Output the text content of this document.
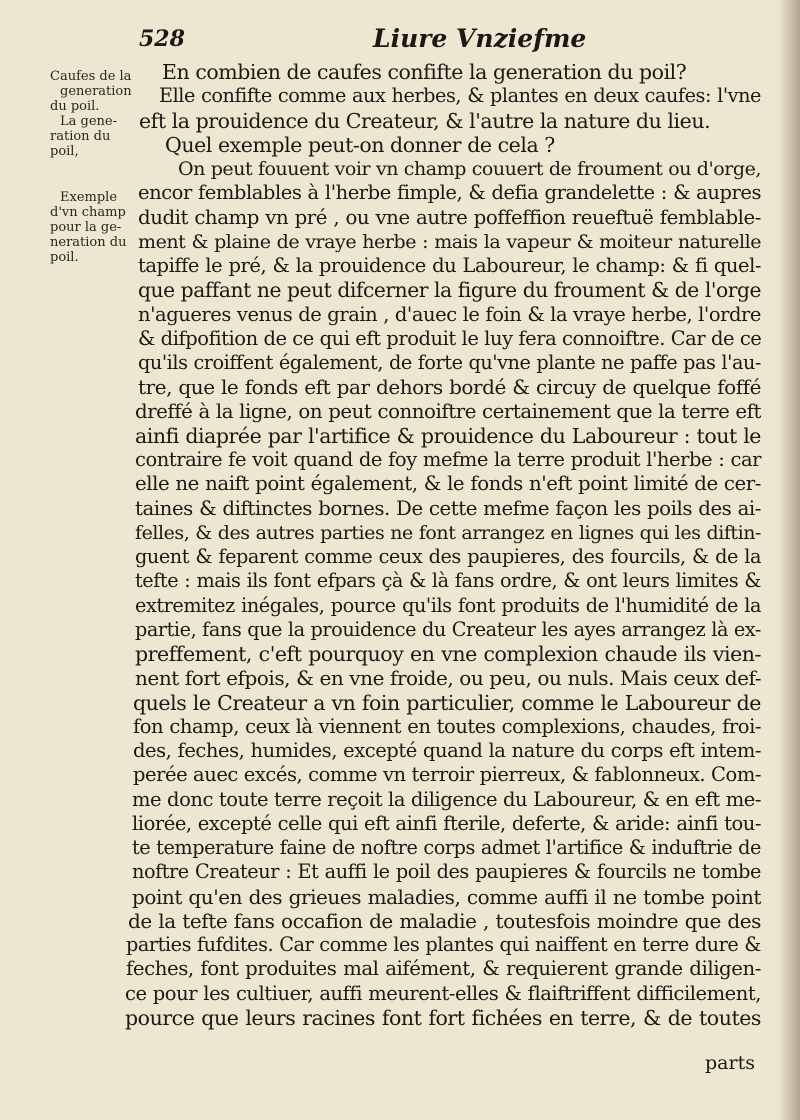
528	Liure Vnziefme
Caufes de la
generation
du poil.
La gene-
ration du
poil,
Exemple
d'vn champ
pour la ge-
neration du
poil.
En combien de caufes confifte la generation du poil?
Elle confifte comme aux herbes, & plantes en deux caufes: l'vne
eft la prouidence du Createur, & l'autre la nature du lieu.
Quel exemple peut-on donner de cela ?
On peut fouuent voir vn champ couuert de froument ou d'orge,
encor femblables à l'herbe fimple, & defia grandelette : & aupres
dudit champ vn pré , ou vne autre poffeffion reueftuë femblable-
ment & plaine de vraye herbe : mais la vapeur & moiteur naturelle
tapiffe le pré, & la prouidence du Laboureur, le champ: & fi quel-
que paffant ne peut difcerner la figure du froument & de l'orge
n'agueres venus de grain , d'auec le foin & la vraye herbe, l'ordre
& difpofition de ce qui eft produit le luy fera connoiftre. Car de ce
qu'ils croiffent également, de forte qu'vne plante ne paffe pas l'au-
tre, que le fonds eft par dehors bordé & circuy de quelque foffé
dreffé à la ligne, on peut connoiftre certainement que la terre eft
ainfi diaprée par l'artifice & prouidence du Laboureur : tout le
contraire fe voit quand de foy mefme la terre produit l'herbe : car
elle ne naift point également, & le fonds n'eft point limité de cer-
taines & diftinctes bornes. De cette mefme façon les poils des ai-
felles, & des autres parties ne font arrangez en lignes qui les diftin-
guent & feparent comme ceux des paupieres, des fourcils, & de la
tefte : mais ils font efpars çà & là fans ordre, & ont leurs limites &
extremitez inégales, pource qu'ils font produits de l'humidité de la
partie, fans que la prouidence du Createur les ayes arrangez là ex-
preffement, c'eft pourquoy en vne complexion chaude ils vien-
nent fort efpois, & en vne froide, ou peu, ou nuls. Mais ceux def-
quels le Createur a vn foin particulier, comme le Laboureur de
fon champ, ceux là viennent en toutes complexions, chaudes, froi-
des, feches, humides, excepté quand la nature du corps eft intem-
perée auec excés, comme vn terroir pierreux, & fablonneux. Com-
me donc toute terre reçoit la diligence du Laboureur, & en eft me-
liorée, excepté celle qui eft ainfi fterile, deferte, & aride: ainfi tou-
te temperature faine de noftre corps admet l'artifice & induftrie de
noftre Createur : Et auffi le poil des paupieres & fourcils ne tombe
point qu'en des grieues maladies, comme auffi il ne tombe point
de la tefte fans occafion de maladie , toutesfois moindre que des
parties fufdites. Car comme les plantes qui naiffent en terre dure &
feches, font produites mal aifément, & requierent grande diligen-
ce pour les cultiuer, auffi meurent-elles & flaiftriffent difficilement,
pource que leurs racines font fort fichées en terre, & de toutes
parts
